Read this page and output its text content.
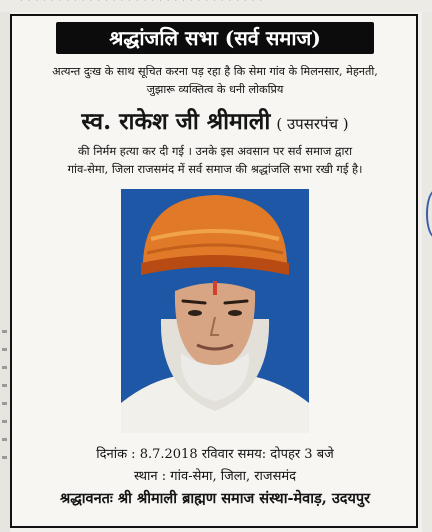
· · · · · · · · · · · · · · · · · · · · · · · · · · · · · · · ·
श्रद्धांजलि सभा (सर्व समाज)
अत्यन्त दुःख के साथ सूचित करना पड़ रहा है कि सेमा गांव के मिलनसार, मेहनती,
जुझारू व्यक्तित्व के धनी लोकप्रिय
स्व. राकेश जी श्रीमाली ( उपसरपंच )
की निर्मम हत्या कर दी गई । उनके इस अवसान पर सर्व समाज द्वारा
गांव-सेमा, जिला राजसमंद में सर्व समाज की श्रद्धांजलि सभा रखी गई है।
दिनांक : 8.7.2018 रविवार समय: दोपहर 3 बजे
स्थान : गांव-सेमा, जिला, राजसमंद
श्रद्धावनतः श्री श्रीमाली ब्राह्मण समाज संस्था-मेवाड़, उदयपुर
